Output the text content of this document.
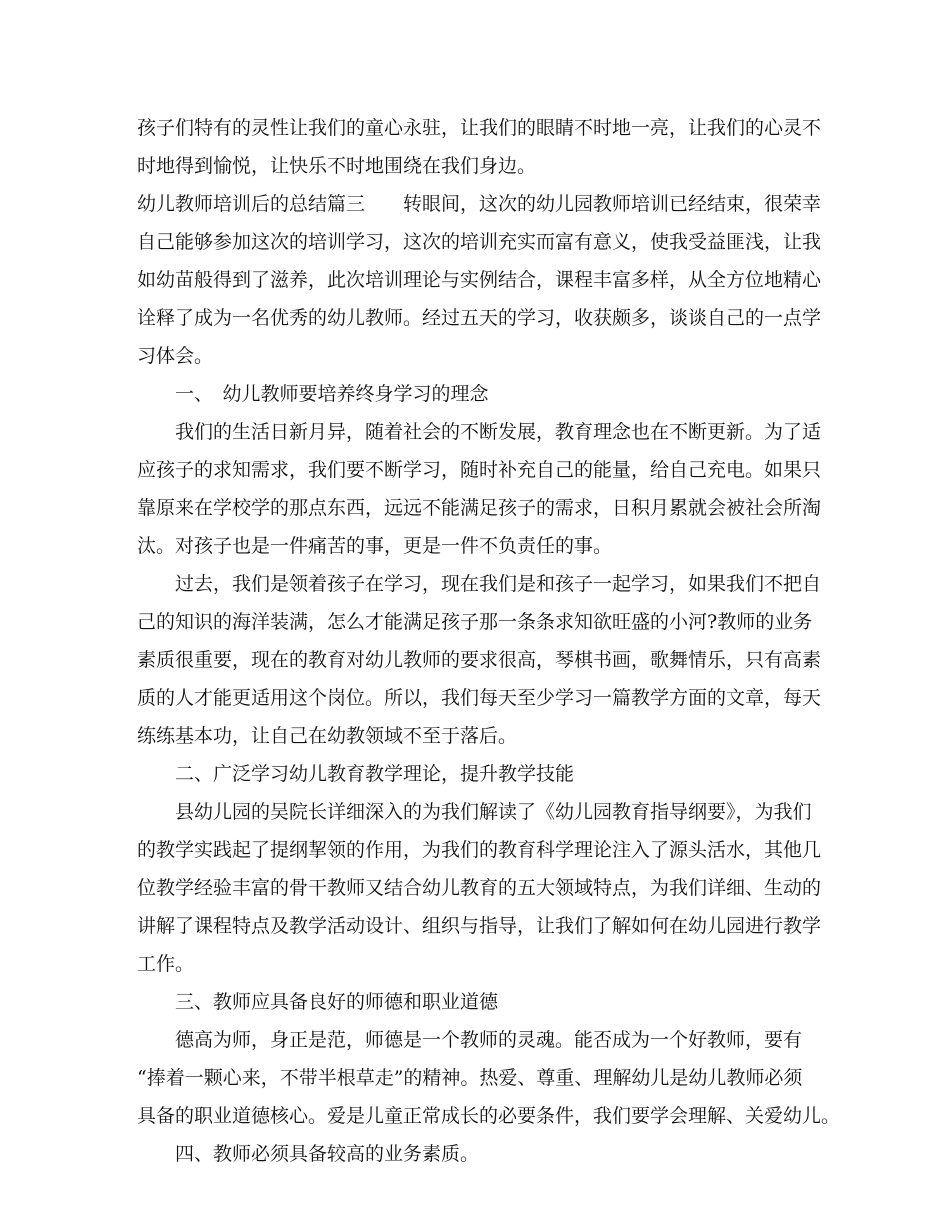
孩子们特有的灵性让我们的童心永驻，让我们的眼睛不时地一亮，让我们的心灵不
时地得到愉悦，让快乐不时地围绕在我们身边。
幼儿教师培训后的总结篇三　　转眼间，这次的幼儿园教师培训已经结束，很荣幸
自己能够参加这次的培训学习，这次的培训充实而富有意义，使我受益匪浅，让我
如幼苗般得到了滋养，此次培训理论与实例结合，课程丰富多样，从全方位地精心
诠释了成为一名优秀的幼儿教师。经过五天的学习，收获颇多，谈谈自己的一点学
习体会。
　　一、　幼儿教师要培养终身学习的理念
　　我们的生活日新月异，随着社会的不断发展，教育理念也在不断更新。为了适
应孩子的求知需求，我们要不断学习，随时补充自己的能量，给自己充电。如果只
靠原来在学校学的那点东西，远远不能满足孩子的需求，日积月累就会被社会所淘
汰。对孩子也是一件痛苦的事，更是一件不负责任的事。
　　过去，我们是领着孩子在学习，现在我们是和孩子一起学习，如果我们不把自
己的知识的海洋装满，怎么才能满足孩子那一条条求知欲旺盛的小河?教师的业务
素质很重要，现在的教育对幼儿教师的要求很高，琴棋书画，歌舞情乐，只有高素
质的人才能更适用这个岗位。所以，我们每天至少学习一篇教学方面的文章，每天
练练基本功，让自己在幼教领域不至于落后。
　　二、广泛学习幼儿教育教学理论，提升教学技能
　　县幼儿园的吴院长详细深入的为我们解读了《幼儿园教育指导纲要》，为我们
的教学实践起了提纲挈领的作用，为我们的教育科学理论注入了源头活水，其他几
位教学经验丰富的骨干教师又结合幼儿教育的五大领域特点，为我们详细、生动的
讲解了课程特点及教学活动设计、组织与指导，让我们了解如何在幼儿园进行教学
工作。
　　三、教师应具备良好的师德和职业道德
　　德高为师，身正是范，师德是一个教师的灵魂。能否成为一个好教师，要有
“捧着一颗心来，不带半根草走”的精神。热爱、尊重、理解幼儿是幼儿教师必须
具备的职业道德核心。爱是儿童正常成长的必要条件，我们要学会理解、关爱幼儿。
　　四、教师必须具备较高的业务素质。
